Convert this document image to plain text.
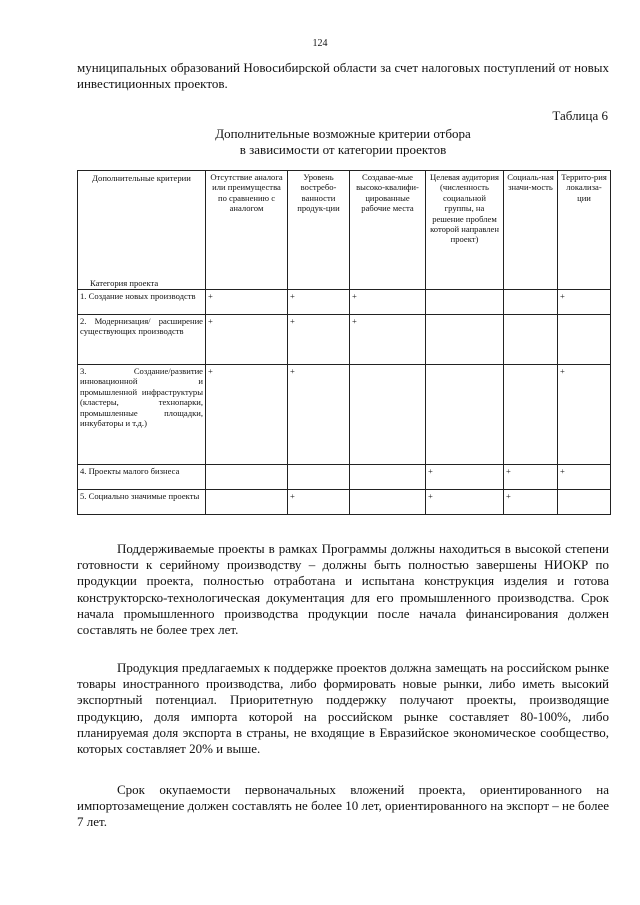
124

муниципальных образований Новосибирской области за счет налоговых поступлений от новых инвестиционных проектов.

Таблица 6
Дополнительные возможные критерии отбора
в зависимости от категории проектов
Дополнительные критерии
Категория проекта	Отсутствие аналога или преимущества по сравнению с аналогом	Уровень востребо-ванности продук-ции	Создавае-мые высоко-квалифи-цированные рабочие места	Целевая аудитория (численность социальной группы, на решение проблем которой направлен проект)	Социаль-ная значи-мость	Террито-рия локализа-ции
1. Создание новых производств	+	+	+			+
2. Модернизация/ расширение существующих производств	+	+	+			
3. Создание/развитие инновационной и промышленной инфраструктуры (кластеры, технопарки, промышленные площадки, инкубаторы и т.д.)	+	+				+
4. Проекты малого бизнеса				+	+	+
5. Социально значимые проекты		+		+	+	

Поддерживаемые проекты в рамках Программы должны находиться в высокой степени готовности к серийному производству – должны быть полностью завершены НИОКР по продукции проекта, полностью отработана и испытана конструкция изделия и готова конструкторско-технологическая документация для его промышленного производства. Срок начала промышленного производства продукции после начала финансирования должен составлять не более трех лет.

Продукция предлагаемых к поддержке проектов должна замещать на российском рынке товары иностранного производства, либо формировать новые рынки, либо иметь высокий экспортный потенциал. Приоритетную поддержку получают проекты, производящие продукцию, доля импорта которой на российском рынке составляет 80-100%, либо планируемая доля экспорта в страны, не входящие в Евразийское экономическое сообщество, которых составляет 20% и выше.

Срок окупаемости первоначальных вложений проекта, ориентированного на импортозамещение должен составлять не более 10 лет, ориентированного на экспорт – не более 7 лет.
